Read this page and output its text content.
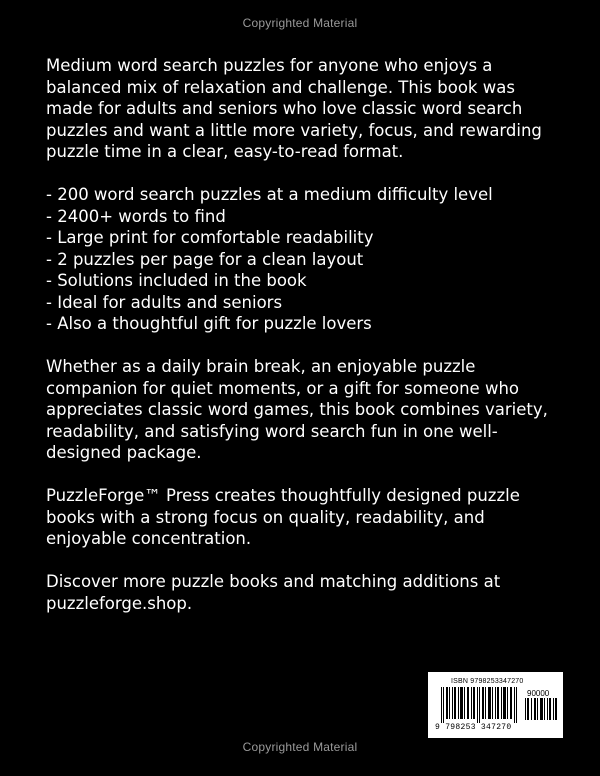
Copyrighted Material

Medium word search puzzles for anyone who enjoys a balanced mix of relaxation and challenge. This book was made for adults and seniors who love classic word search puzzles and want a little more variety, focus, and rewarding puzzle time in a clear, easy-to-read format.

- 200 word search puzzles at a medium difficulty level
- 2400+ words to find
- Large print for comfortable readability
- 2 puzzles per page for a clean layout
- Solutions included in the book
- Ideal for adults and seniors
- Also a thoughtful gift for puzzle lovers

Whether as a daily brain break, an enjoyable puzzle companion for quiet moments, or a gift for someone who appreciates classic word games, this book combines variety, readability, and satisfying word search fun in one well-designed package.

PuzzleForge™ Press creates thoughtfully designed puzzle books with a strong focus on quality, readability, and enjoyable concentration.

Discover more puzzle books and matching additions at puzzleforge.shop.

ISBN 9798253347270
90000
9 798253 347270
Copyrighted Material
